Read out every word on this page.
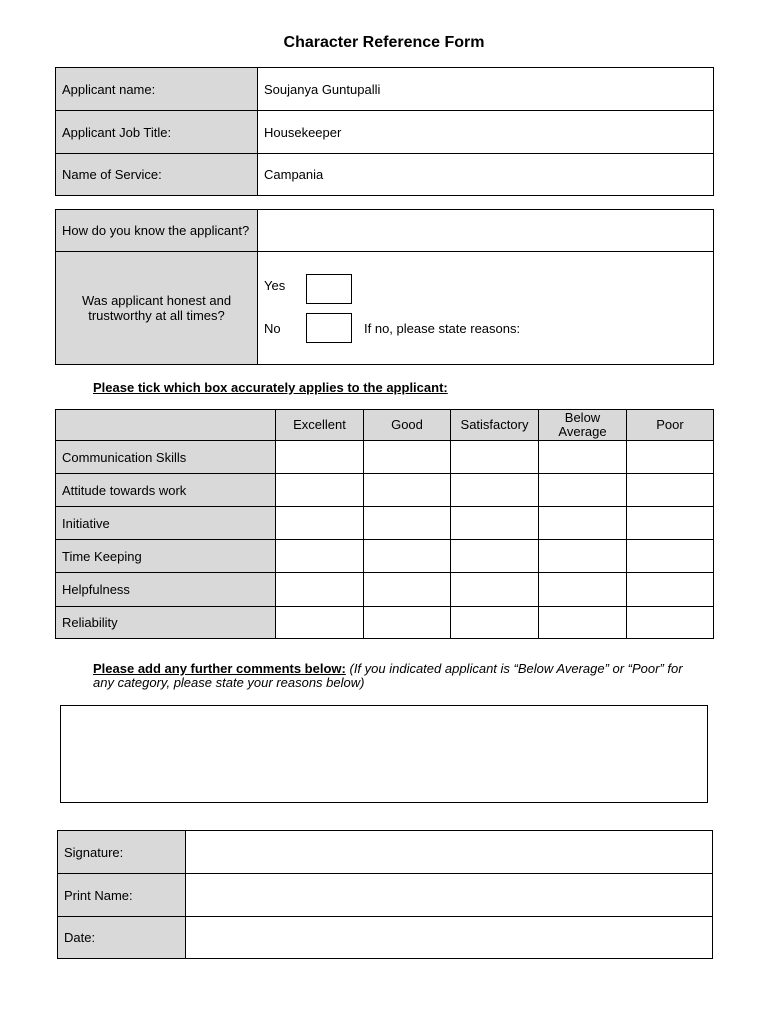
Character Reference Form
Applicant name:	Soujanya Guntupalli
Applicant Job Title:	Housekeeper
Name of Service:	Campania
How do you know the applicant?	
Was applicant honest and trustworthy at all times?	Yes
No If no, please state reasons:
Please tick which box accurately applies to the applicant:
	Excellent	Good	Satisfactory	Below Average	Poor
Communication Skills					
Attitude towards work					
Initiative					
Time Keeping					
Helpfulness					
Reliability					
Please add any further comments below: (If you indicated applicant is “Below Average” or “Poor” for any category, please state your reasons below)
Signature:	
Print Name:	
Date:	
